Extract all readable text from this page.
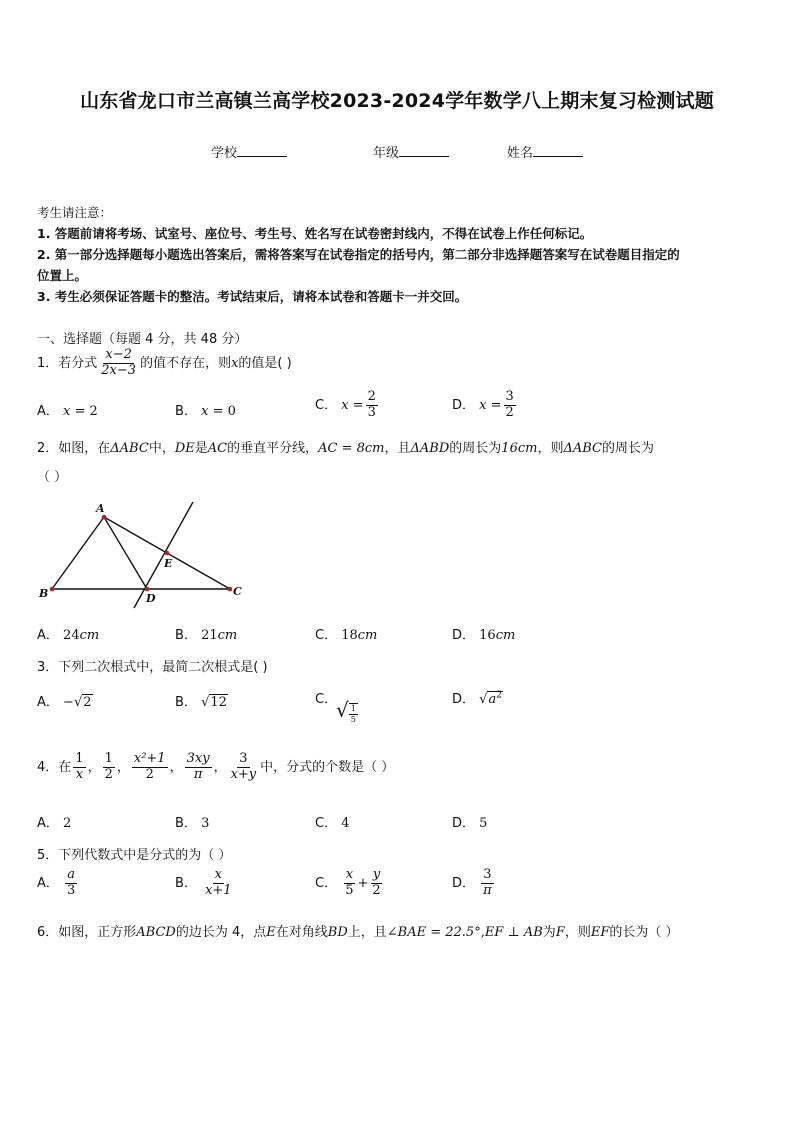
山东省龙口市兰高镇兰高学校2023-2024学年数学八上期末复习检测试题
学校	年级	姓名
考生请注意：
1. 答题前请将考场、试室号、座位号、考生号、姓名写在试卷密封线内，不得在试卷上作任何标记。
2. 第一部分选择题每小题选出答案后，需将答案写在试卷指定的括号内，第二部分非选择题答案写在试卷题目指定的
位置上。
3. 考生必须保证答题卡的整洁。考试结束后，请将本试卷和答题卡一并交回。
一、选择题（每题 4 分，共 48 分）
1．若分式 $\frac{x-2}{2x-3}$ 的值不存在，则x的值是( )
A． x = 2	B． x = 0	C． $x = \frac{2}{3}$	D． $x = \frac{3}{2}$
2．如图，在ΔABC中，DE是AC的垂直平分线，AC = 8cm，且ΔABD的周长为16cm，则ΔABC的周长为
（ ）
A
B	C
D
E
A． 24cm	B． 21cm	C． 18cm	D． 16cm
3．下列二次根式中，最简二次根式是( )
A． −√2	B． √12	C．
√ $\frac{1}{5}$
D． $√a^2$
4．在 $\frac{1}{x}$ ， $\frac{1}{2}$ ， $\frac{\text{x²+1}}{2}$ ， $\frac{3xy}{\pi}$ ， $\frac{3}{x+y}$ 中，分式的个数是（ ）
A． 2	B． 3	C． 4	D． 5
5．下列代数式中是分式的为（ ）
A． $\frac{a}{3}$	B． $\frac{x}{x+1}$	C． $\frac{x}{5} + \frac{y}{2}$	D． $\frac{3}{\pi}$
6．如图，正方形ABCD的边长为 4，点E在对角线BD上，且∠BAE = 22.5°,EF ⊥ AB为F，则EF的长为（ ）
